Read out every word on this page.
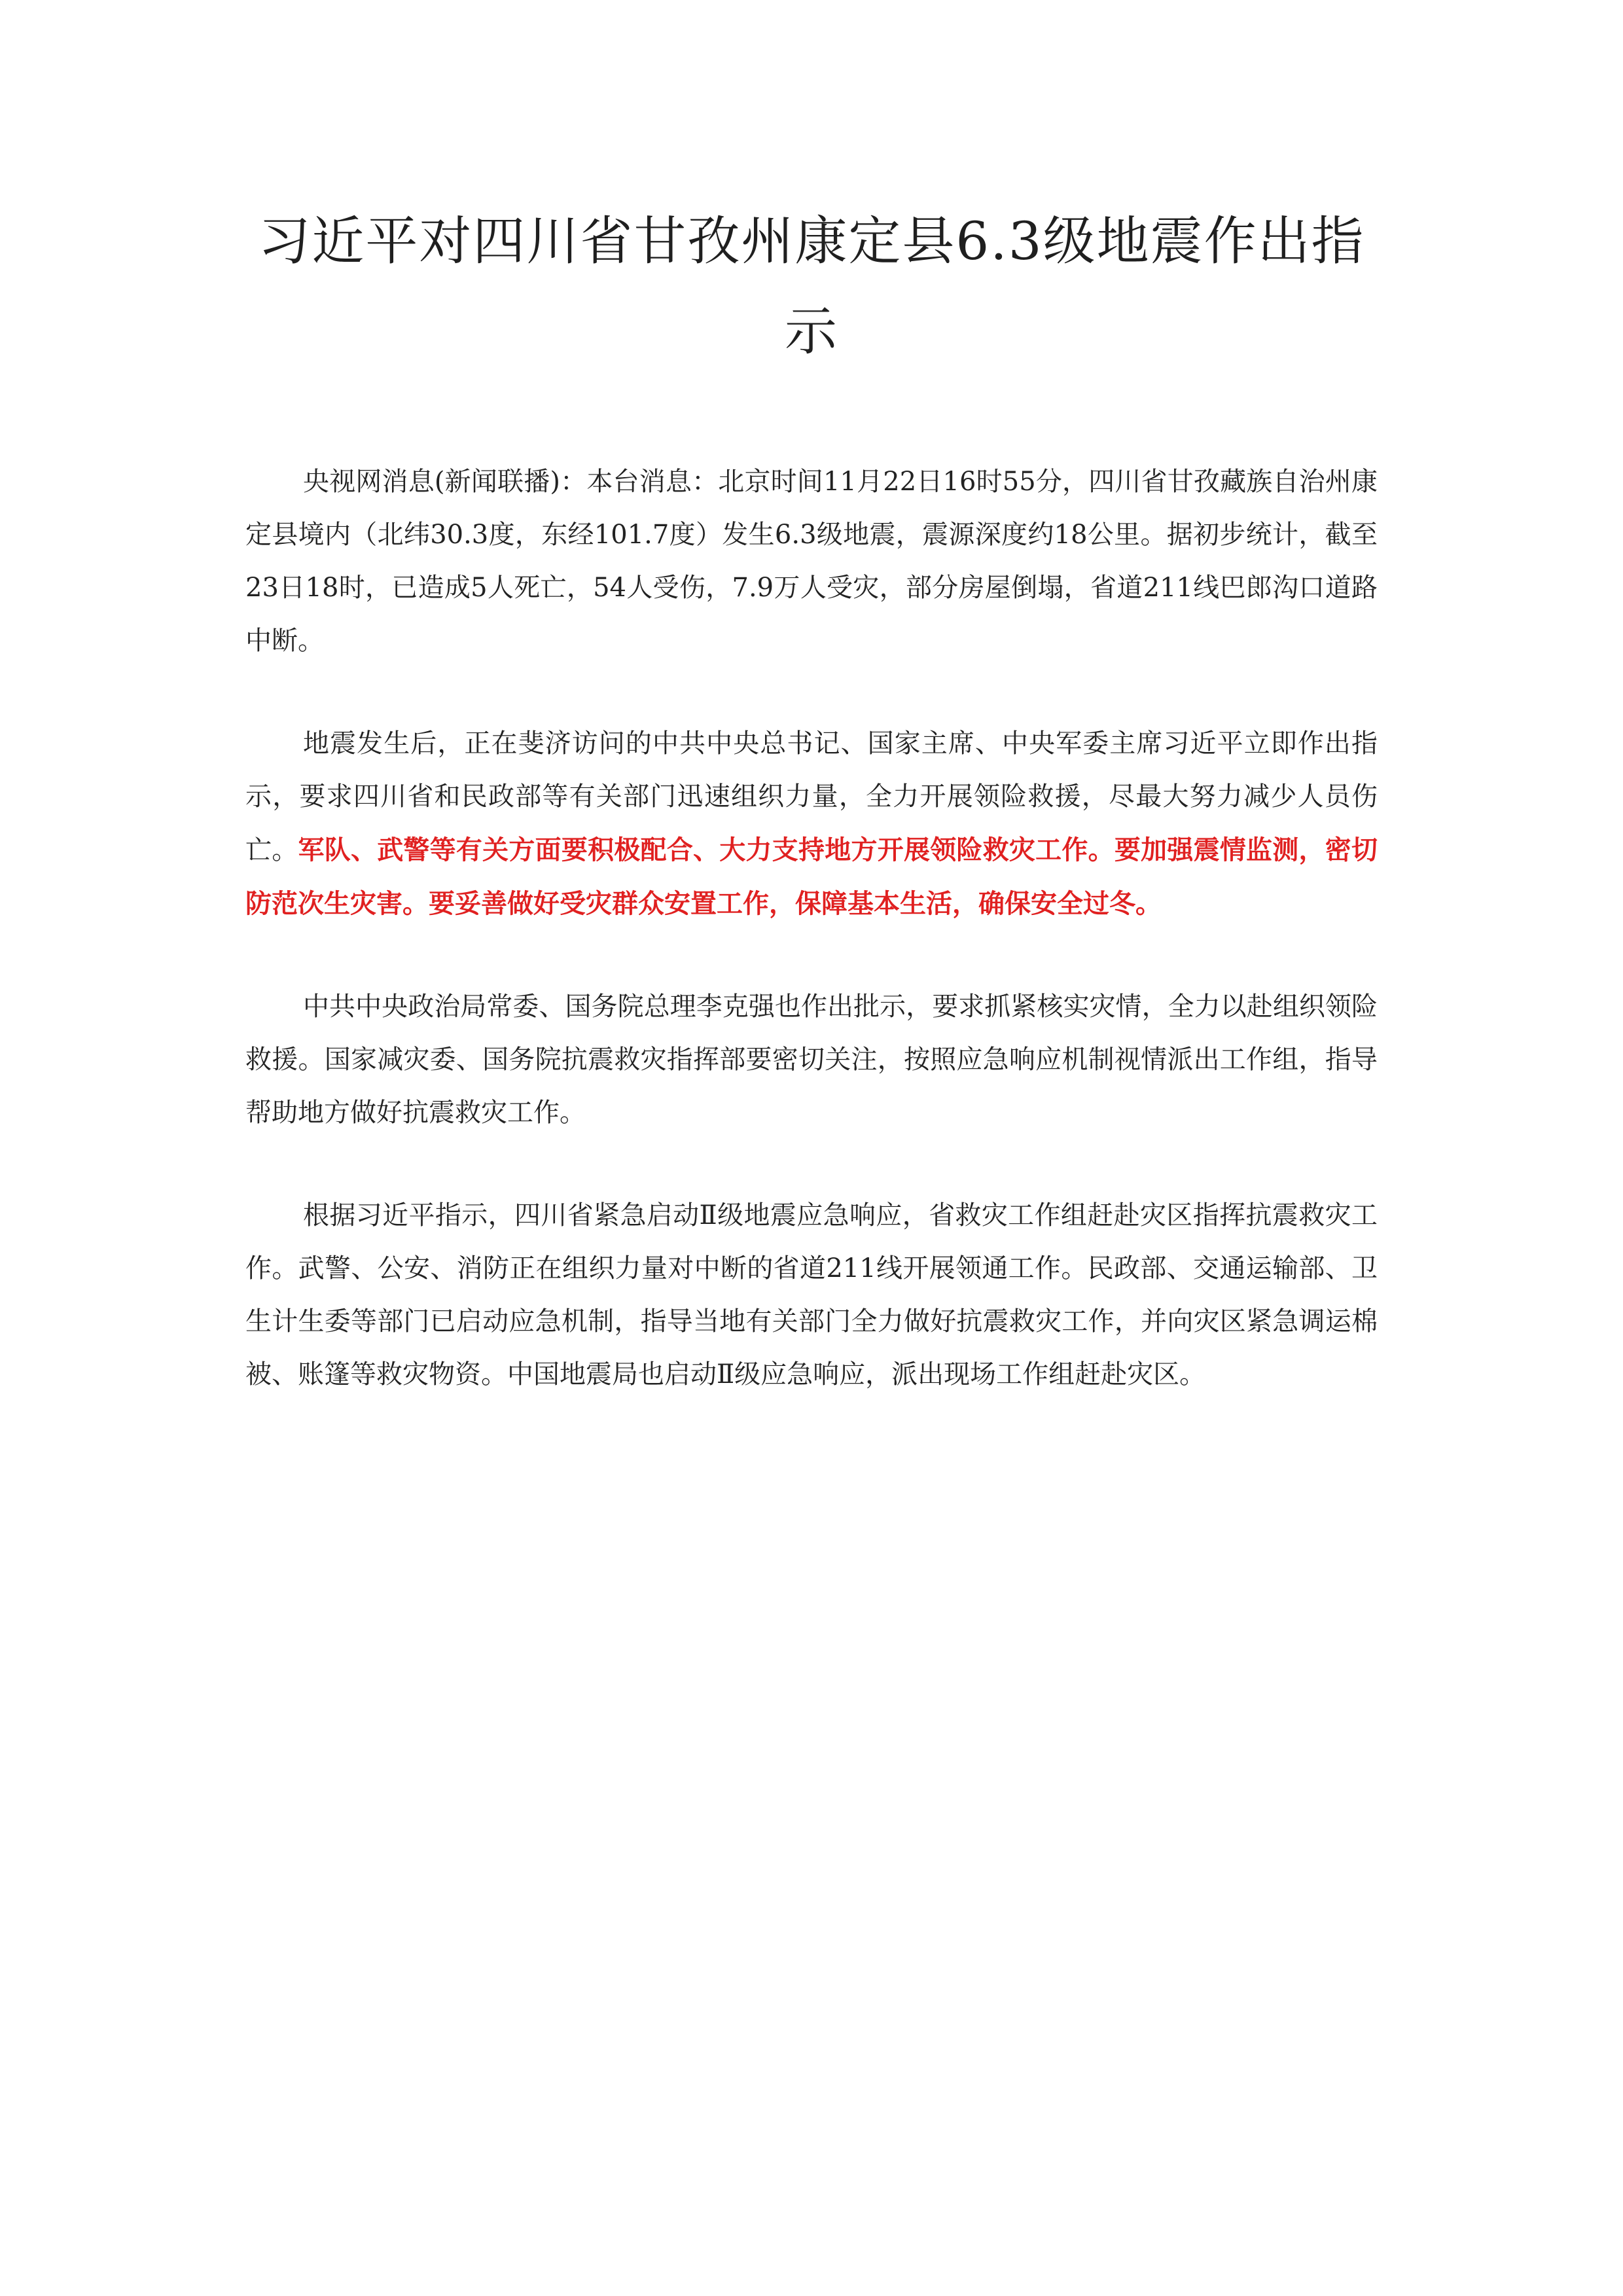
习近平对四川省甘孜州康定县6.3级地震作出指示

央视网消息(新闻联播)：本台消息：北京时间11月22日16时55分，四川省甘孜藏族自治州康定县境内（北纬30.3度，东经101.7度）发生6.3级地震，震源深度约18公里。据初步统计，截至23日18时，已造成5人死亡，54人受伤，7.9万人受灾，部分房屋倒塌，省道211线巴郎沟口道路中断。

地震发生后，正在斐济访问的中共中央总书记、国家主席、中央军委主席习近平立即作出指示，要求四川省和民政部等有关部门迅速组织力量，全力开展领险救援，尽最大努力减少人员伤亡。军队、武警等有关方面要积极配合、大力支持地方开展领险救灾工作。要加强震情监测，密切防范次生灾害。要妥善做好受灾群众安置工作，保障基本生活，确保安全过冬。

中共中央政治局常委、国务院总理李克强也作出批示，要求抓紧核实灾情，全力以赴组织领险救援。国家减灾委、国务院抗震救灾指挥部要密切关注，按照应急响应机制视情派出工作组，指导帮助地方做好抗震救灾工作。

根据习近平指示，四川省紧急启动Ⅱ级地震应急响应，省救灾工作组赶赴灾区指挥抗震救灾工作。武警、公安、消防正在组织力量对中断的省道211线开展领通工作。民政部、交通运输部、卫生计生委等部门已启动应急机制，指导当地有关部门全力做好抗震救灾工作，并向灾区紧急调运棉被、账篷等救灾物资。中国地震局也启动Ⅱ级应急响应，派出现场工作组赶赴灾区。
